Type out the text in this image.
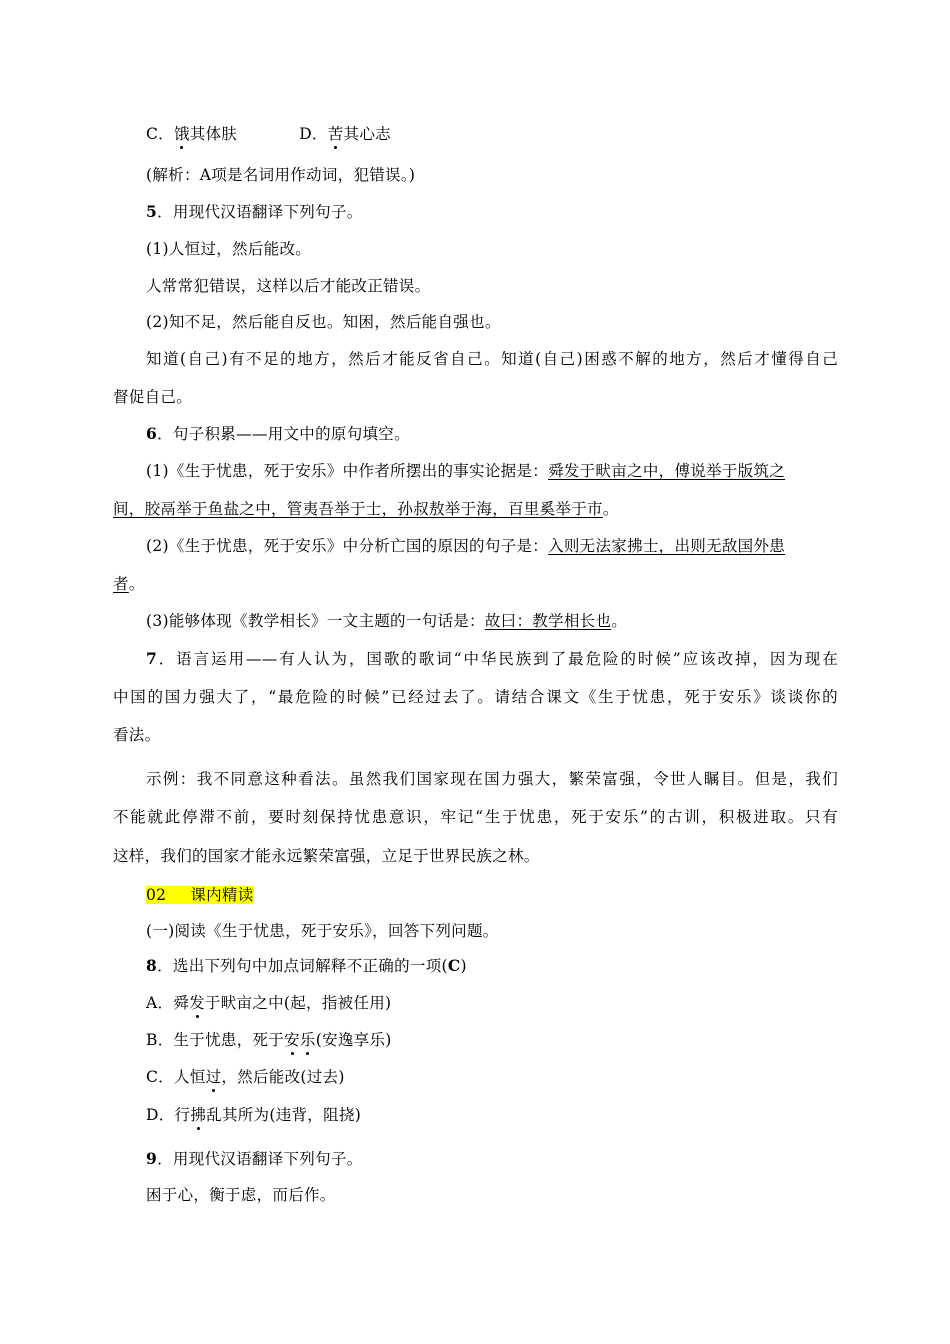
C．饿其体肤	D．苦其心志
(解析：A项是名词用作动词，犯错误。)
5．用现代汉语翻译下列句子。
(1)人恒过，然后能改。
人常常犯错误，这样以后才能改正错误。
(2)知不足，然后能自反也。知困，然后能自强也。
知道(自己)有不足的地方，然后才能反省自己。知道(自己)困惑不解的地方，然后才懂得自己
督促自己。
6．句子积累——用文中的原句填空。
(1)《生于忧患，死于安乐》中作者所摆出的事实论据是：舜发于畎亩之中，傅说举于版筑之
间，胶鬲举于鱼盐之中，管夷吾举于士，孙叔敖举于海，百里奚举于市。
(2)《生于忧患，死于安乐》中分析亡国的原因的句子是：入则无法家拂士，出则无敌国外患
者。
(3)能够体现《教学相长》一文主题的一句话是：故曰：教学相长也。
7．语言运用——有人认为，国歌的歌词“中华民族到了最危险的时候”应该改掉，因为现在
中国的国力强大了，“最危险的时候”已经过去了。请结合课文《生于忧患，死于安乐》谈谈你的
看法。
示例：我不同意这种看法。虽然我们国家现在国力强大，繁荣富强，令世人瞩目。但是，我们
不能就此停滞不前，要时刻保持忧患意识，牢记“生于忧患，死于安乐”的古训，积极进取。只有
这样，我们的国家才能永远繁荣富强，立足于世界民族之林。
02 课内精读
(一)阅读《生于忧患，死于安乐》，回答下列问题。
8．选出下列句中加点词解释不正确的一项(C)
A．舜发于畎亩之中(起，指被任用)
B．生于忧患，死于安乐(安逸享乐)
C．人恒过，然后能改(过去)
D．行拂乱其所为(违背，阻挠)
9．用现代汉语翻译下列句子。
困于心，衡于虑，而后作。
